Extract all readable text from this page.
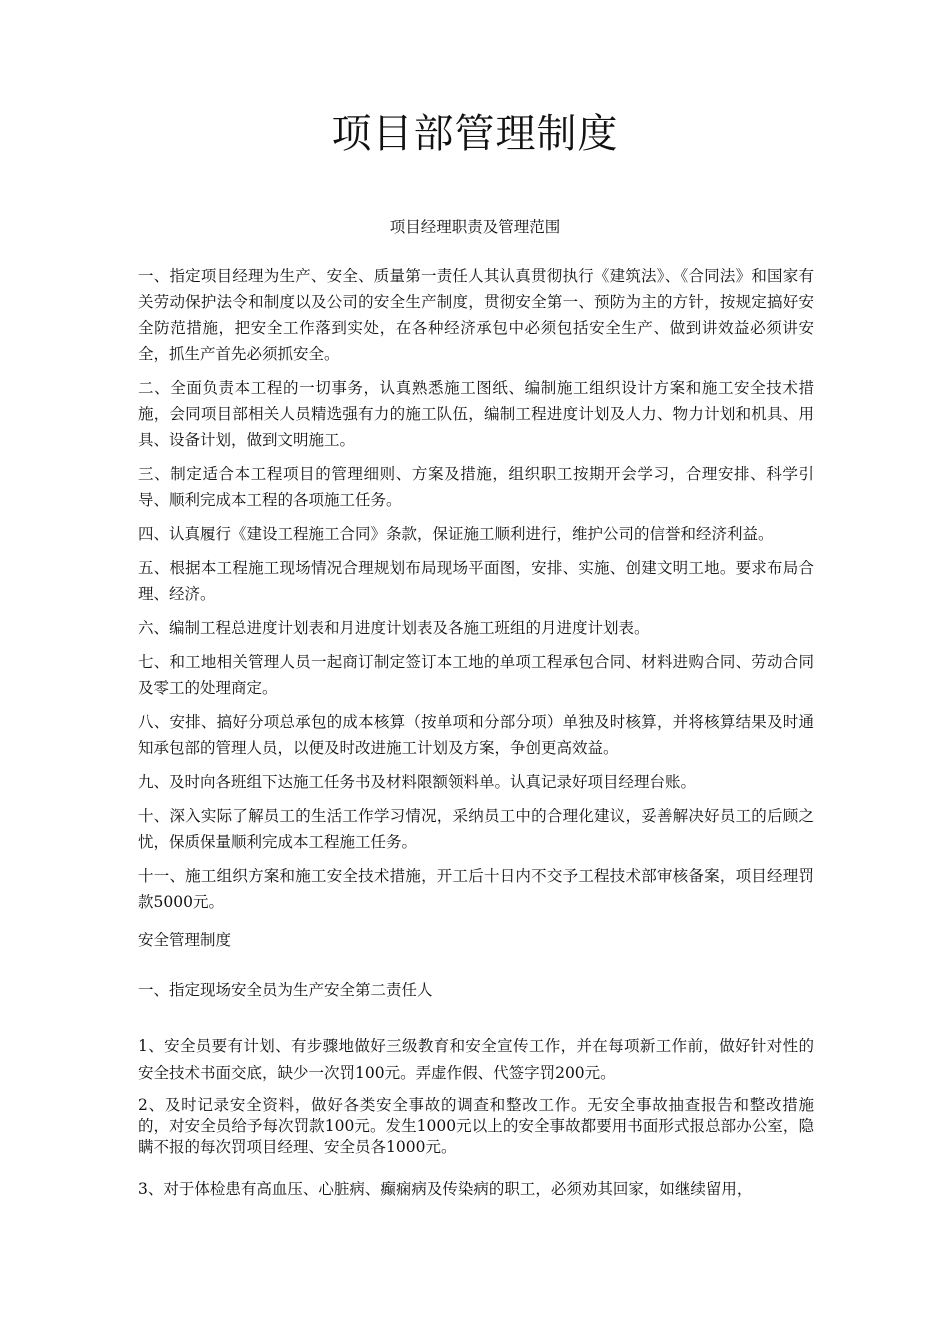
项目部管理制度
项目经理职责及管理范围

一、指定项目经理为生产、安全、质量第一责任人其认真贯彻执行《建筑法》、《合同法》和国家有关劳动保护法令和制度以及公司的安全生产制度，贯彻安全第一、预防为主的方针，按规定搞好安全防范措施，把安全工作落到实处，在各种经济承包中必须包括安全生产、做到讲效益必须讲安全，抓生产首先必须抓安全。

二、全面负责本工程的一切事务，认真熟悉施工图纸、编制施工组织设计方案和施工安全技术措施，会同项目部相关人员精选强有力的施工队伍，编制工程进度计划及人力、物力计划和机具、用具、设备计划，做到文明施工。

三、制定适合本工程项目的管理细则、方案及措施，组织职工按期开会学习，合理安排、科学引导、顺利完成本工程的各项施工任务。

四、认真履行《建设工程施工合同》条款，保证施工顺利进行，维护公司的信誉和经济利益。

五、根据本工程施工现场情况合理规划布局现场平面图，安排、实施、创建文明工地。要求布局合理、经济。

六、编制工程总进度计划表和月进度计划表及各施工班组的月进度计划表。

七、和工地相关管理人员一起商订制定签订本工地的单项工程承包合同、材料进购合同、劳动合同及零工的处理商定。

八、安排、搞好分项总承包的成本核算（按单项和分部分项）单独及时核算，并将核算结果及时通知承包部的管理人员，以便及时改进施工计划及方案，争创更高效益。

九、及时向各班组下达施工任务书及材料限额领料单。认真记录好项目经理台账。

十、深入实际了解员工的生活工作学习情况，采纳员工中的合理化建议，妥善解决好员工的后顾之忧，保质保量顺利完成本工程施工任务。

十一、施工组织方案和施工安全技术措施，开工后十日内不交予工程技术部审核备案，项目经理罚款5000元。

安全管理制度

一、指定现场安全员为生产安全第二责任人

1、安全员要有计划、有步骤地做好三级教育和安全宣传工作，并在每项新工作前，做好针对性的安全技术书面交底，缺少一次罚100元。弄虚作假、代签字罚200元。

2、及时记录安全资料，做好各类安全事故的调查和整改工作。无安全事故抽查报告和整改措施的，对安全员给予每次罚款100元。发生1000元以上的安全事故都要用书面形式报总部办公室，隐瞒不报的每次罚项目经理、安全员各1000元。

3、对于体检患有高血压、心脏病、癫痫病及传染病的职工，必须劝其回家，如继续留用，
